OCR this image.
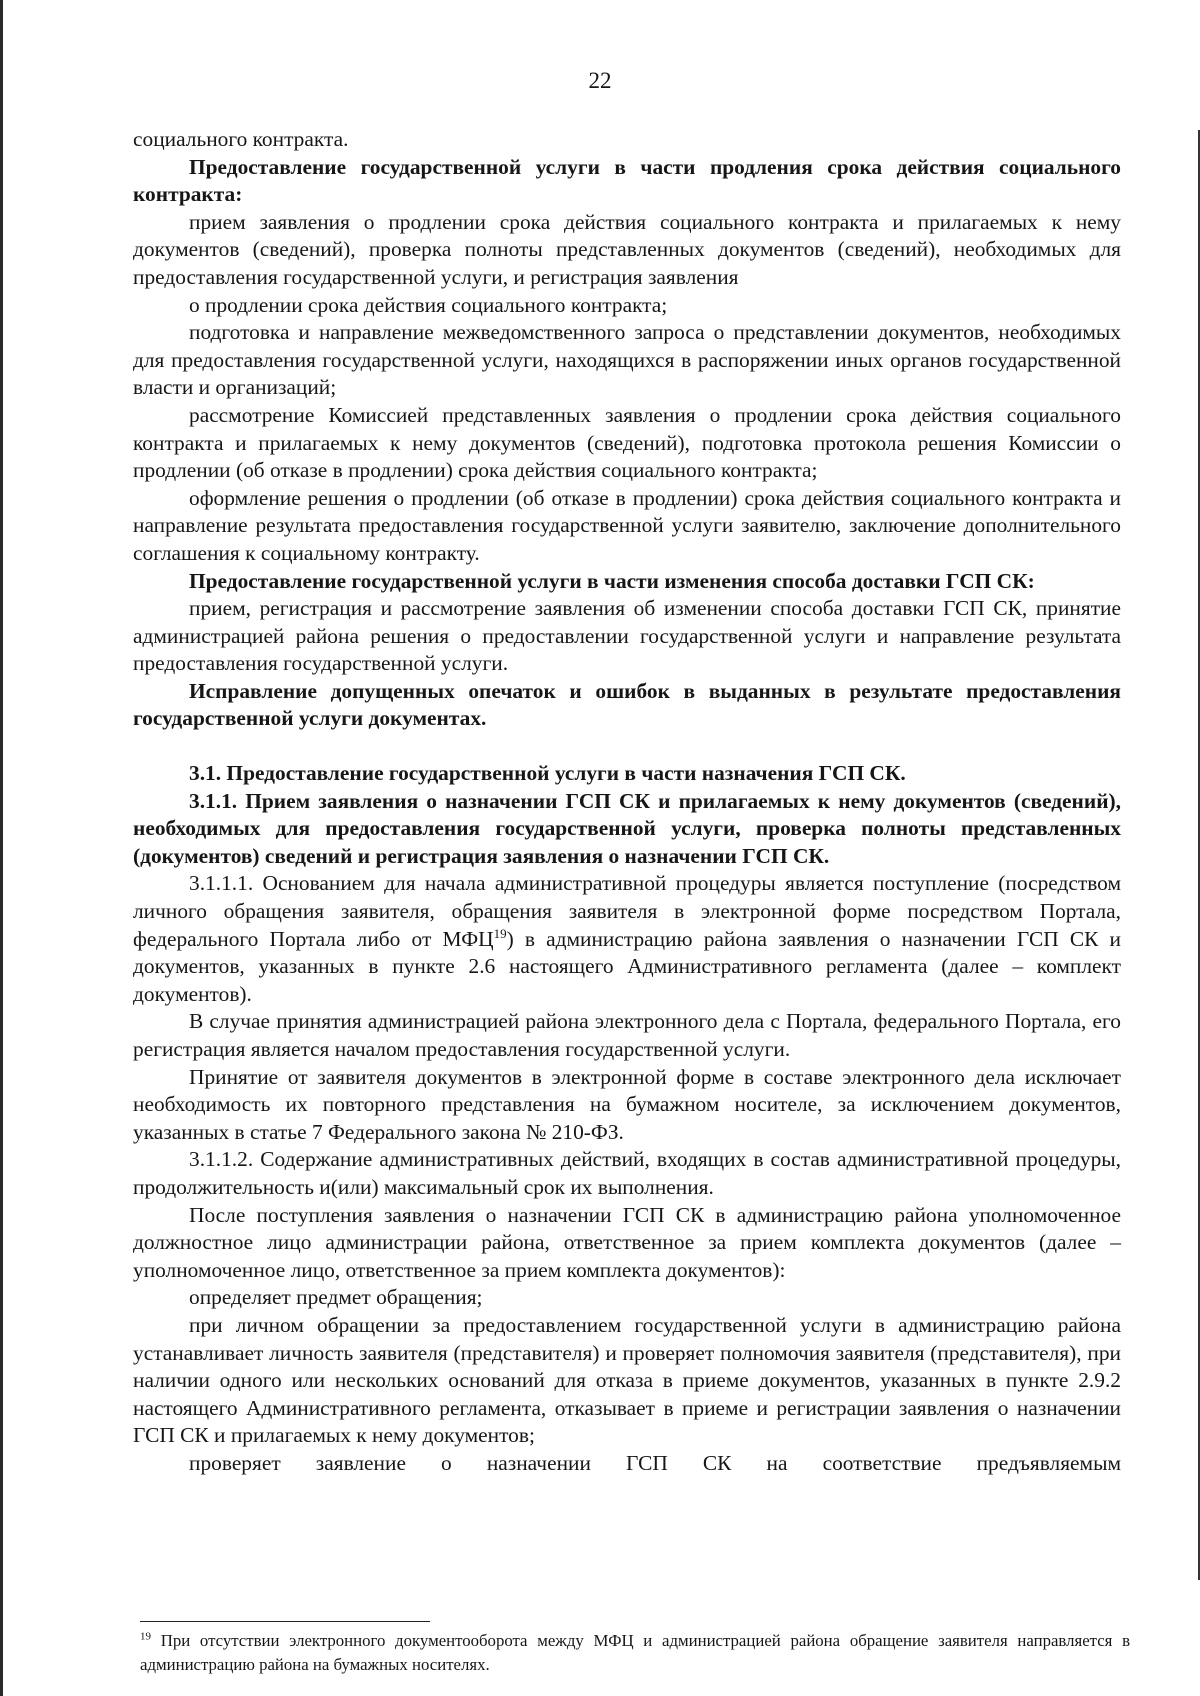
22

социального контракта.

Предоставление государственной услуги в части продления срока действия социального контракта:

прием заявления о продлении срока действия социального контракта и прилагаемых к нему документов (сведений), проверка полноты представленных документов (сведений), необходимых для предоставления государственной услуги, и регистрация заявления

о продлении срока действия социального контракта;

подготовка и направление межведомственного запроса о представлении документов, необходимых для предоставления государственной услуги, находящихся в распоряжении иных органов государственной власти и организаций;

рассмотрение Комиссией представленных заявления о продлении срока действия социального контракта и прилагаемых к нему документов (сведений), подготовка протокола решения Комиссии о продлении (об отказе в продлении) срока действия социального контракта;

оформление решения о продлении (об отказе в продлении) срока действия социального контракта и направление результата предоставления государственной услуги заявителю, заключение дополнительного соглашения к социальному контракту.

Предоставление государственной услуги в части изменения способа доставки ГСП СК:

прием, регистрация и рассмотрение заявления об изменении способа доставки ГСП СК, принятие администрацией района решения о предоставлении государственной услуги и направление результата предоставления государственной услуги.

Исправление допущенных опечаток и ошибок в выданных в результате предоставления государственной услуги документах.

3.1. Предоставление государственной услуги в части назначения ГСП СК.

3.1.1. Прием заявления о назначении ГСП СК и прилагаемых к нему документов (сведений), необходимых для предоставления государственной услуги, проверка полноты представленных (документов) сведений и регистрация заявления о назначении ГСП СК.

3.1.1.1. Основанием для начала административной процедуры является поступление (посредством личного обращения заявителя, обращения заявителя в электронной форме посредством Портала, федерального Портала либо от МФЦ$^{19}$) в администрацию района заявления о назначении ГСП СК и документов, указанных в пункте 2.6 настоящего Административного регламента (далее – комплект документов).

В случае принятия администрацией района электронного дела с Портала, федерального Портала, его регистрация является началом предоставления государственной услуги.

Принятие от заявителя документов в электронной форме в составе электронного дела исключает необходимость их повторного представления на бумажном носителе, за исключением документов, указанных в статье 7 Федерального закона № 210-ФЗ.

3.1.1.2. Содержание административных действий, входящих в состав административной процедуры, продолжительность и(или) максимальный срок их выполнения.

После поступления заявления о назначении ГСП СК в администрацию района уполномоченное должностное лицо администрации района, ответственное за прием комплекта документов (далее – уполномоченное лицо, ответственное за прием комплекта документов):

определяет предмет обращения;

при личном обращении за предоставлением государственной услуги в администрацию района устанавливает личность заявителя (представителя) и проверяет полномочия заявителя (представителя), при наличии одного или нескольких оснований для отказа в приеме документов, указанных в пункте 2.9.2 настоящего Административного регламента, отказывает в приеме и регистрации заявления о назначении ГСП СК и прилагаемых к нему документов;

проверяет заявление о назначении ГСП СК на соответствие предъявляемым

$^{19}$ При отсутствии электронного документооборота между МФЦ и администрацией района обращение заявителя направляется в администрацию района на бумажных носителях.
